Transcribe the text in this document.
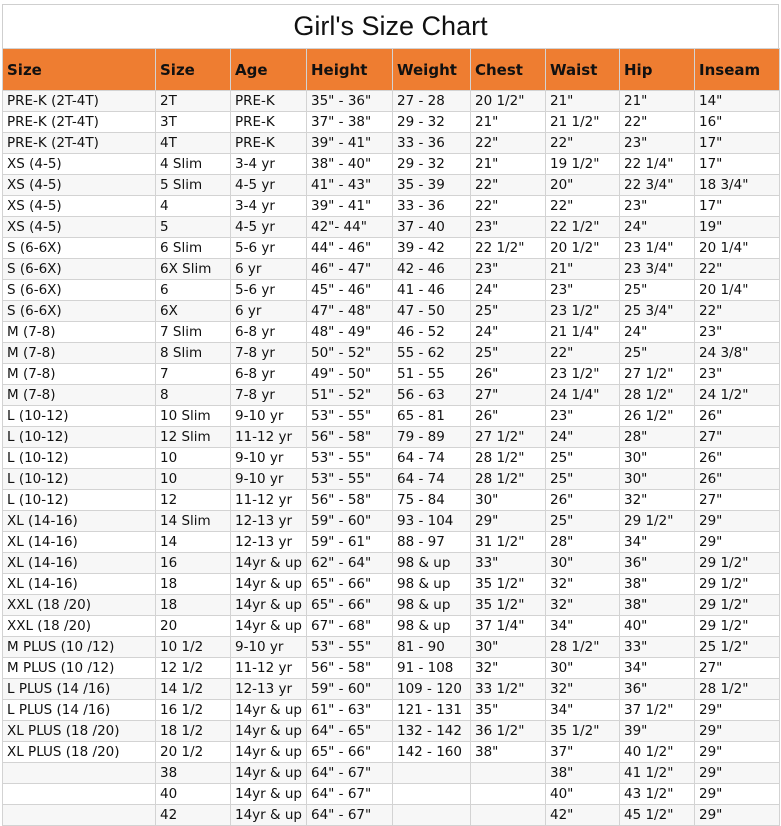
Girl's Size Chart
Size	Size	Age	Height	Weight	Chest	Waist	Hip	Inseam
PRE-K (2T-4T)	2T	PRE-K	35" - 36"	27 - 28	20 1/2"	21"	21"	14"
PRE-K (2T-4T)	3T	PRE-K	37" - 38"	29 - 32	21"	21 1/2"	22"	16"
PRE-K (2T-4T)	4T	PRE-K	39" - 41"	33 - 36	22"	22"	23"	17"
XS (4-5)	4 Slim	3-4 yr	38" - 40"	29 - 32	21"	19 1/2"	22 1/4"	17"
XS (4-5)	5 Slim	4-5 yr	41" - 43"	35 - 39	22"	20"	22 3/4"	18 3/4"
XS (4-5)	4	3-4 yr	39" - 41"	33 - 36	22"	22"	23"	17"
XS (4-5)	5	4-5 yr	42"- 44"	37 - 40	23"	22 1/2"	24"	19"
S (6-6X)	6 Slim	5-6 yr	44" - 46"	39 - 42	22 1/2"	20 1/2"	23 1/4"	20 1/4"
S (6-6X)	6X Slim	6 yr	46" - 47"	42 - 46	23"	21"	23 3/4"	22"
S (6-6X)	6	5-6 yr	45" - 46"	41 - 46	24"	23"	25"	20 1/4"
S (6-6X)	6X	6 yr	47" - 48"	47 - 50	25"	23 1/2"	25 3/4"	22"
M (7-8)	7 Slim	6-8 yr	48" - 49"	46 - 52	24"	21 1/4"	24"	23"
M (7-8)	8 Slim	7-8 yr	50" - 52"	55 - 62	25"	22"	25"	24 3/8"
M (7-8)	7	6-8 yr	49" - 50"	51 - 55	26"	23 1/2"	27 1/2"	23"
M (7-8)	8	7-8 yr	51" - 52"	56 - 63	27"	24 1/4"	28 1/2"	24 1/2"
L (10-12)	10 Slim	9-10 yr	53" - 55"	65 - 81	26"	23"	26 1/2"	26"
L (10-12)	12 Slim	11-12 yr	56" - 58"	79 - 89	27 1/2"	24"	28"	27"
L (10-12)	10	9-10 yr	53" - 55"	64 - 74	28 1/2"	25"	30"	26"
L (10-12)	10	9-10 yr	53" - 55"	64 - 74	28 1/2"	25"	30"	26"
L (10-12)	12	11-12 yr	56" - 58"	75 - 84	30"	26"	32"	27"
XL (14-16)	14 Slim	12-13 yr	59" - 60"	93 - 104	29"	25"	29 1/2"	29"
XL (14-16)	14	12-13 yr	59" - 61"	88 - 97	31 1/2"	28"	34"	29"
XL (14-16)	16	14yr & up	62" - 64"	98 & up	33"	30"	36"	29 1/2"
XL (14-16)	18	14yr & up	65" - 66"	98 & up	35 1/2"	32"	38"	29 1/2"
XXL (18 /20)	18	14yr & up	65" - 66"	98 & up	35 1/2"	32"	38"	29 1/2"
XXL (18 /20)	20	14yr & up	67" - 68"	98 & up	37 1/4"	34"	40"	29 1/2"
M PLUS (10 /12)	10 1/2	9-10 yr	53" - 55"	81 - 90	30"	28 1/2"	33"	25 1/2"
M PLUS (10 /12)	12 1/2	11-12 yr	56" - 58"	91 - 108	32"	30"	34"	27"
L PLUS (14 /16)	14 1/2	12-13 yr	59" - 60"	109 - 120	33 1/2"	32"	36"	28 1/2"
L PLUS (14 /16)	16 1/2	14yr & up	61" - 63"	121 - 131	35"	34"	37 1/2"	29"
XL PLUS (18 /20)	18 1/2	14yr & up	64" - 65"	132 - 142	36 1/2"	35 1/2"	39"	29"
XL PLUS (18 /20)	20 1/2	14yr & up	65" - 66"	142 - 160	38"	37"	40 1/2"	29"
	38	14yr & up	64" - 67"			38"	41 1/2"	29"
	40	14yr & up	64" - 67"			40"	43 1/2"	29"
	42	14yr & up	64" - 67"			42"	45 1/2"	29"
